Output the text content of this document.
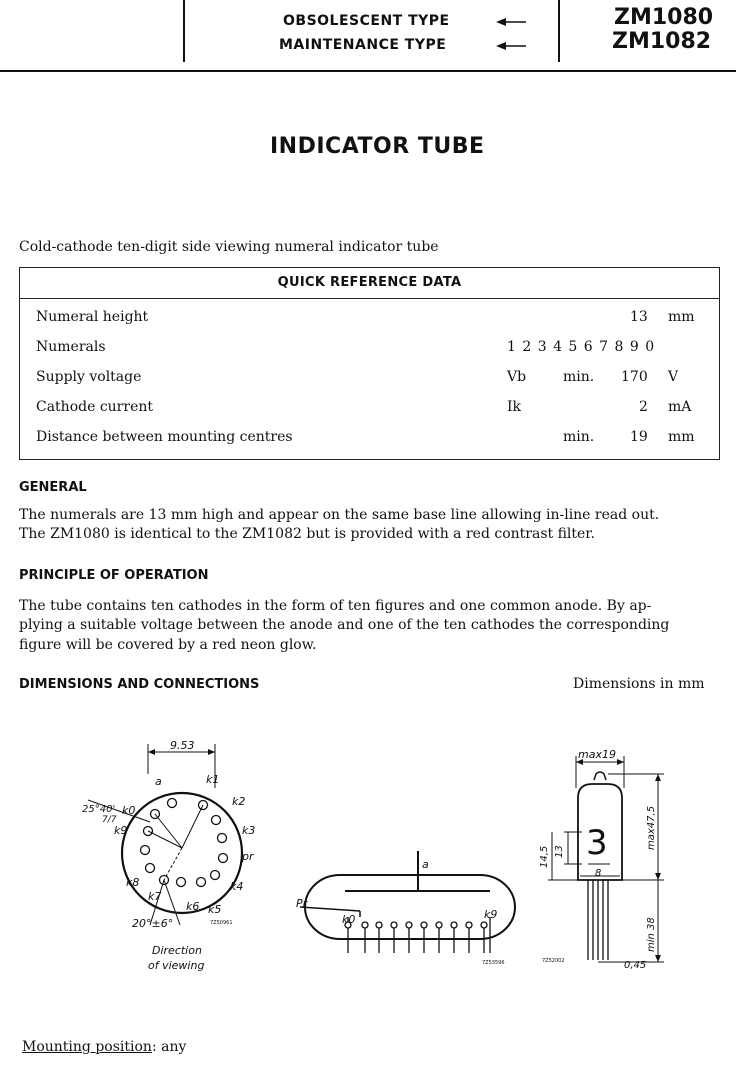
OBSOLESCENT TYPE
MAINTENANCE TYPE
ZM1080
ZM1082
INDICATOR TUBE
Cold-cathode ten-digit side viewing numeral indicator tube
QUICK REFERENCE DATA
Numeral height	13 mm
Numerals	1 2 3 4 5 6 7 8 9 0
Supply voltage	Vb	min. 170 V
Cathode current	Ik	2 mA
Distance between mounting centres	min.	19 mm
GENERAL
The numerals are 13 mm high and appear on the same base line allowing in-line read out.
The ZM1080 is identical to the ZM1082 but is provided with a red contrast filter.
PRINCIPLE OF OPERATION
The tube contains ten cathodes in the form of ten figures and one common anode. By ap-
plying a suitable voltage between the anode and one of the ten cathodes the corresponding
figure will be covered by a red neon glow.
DIMENSIONS AND CONNECTIONS	Dimensions in mm
9.53
a	k1
k2
k3
pr
k4
k5
k6
k7
k8
k9
k0
25°40'
7/7
20°±6°
Direction
of viewing
7Z50961
a
Pr
k0	k9
7Z53596
max19
3
8
13
14,5
max47,5
min 38
0,45
7Z52002
Mounting position: any
